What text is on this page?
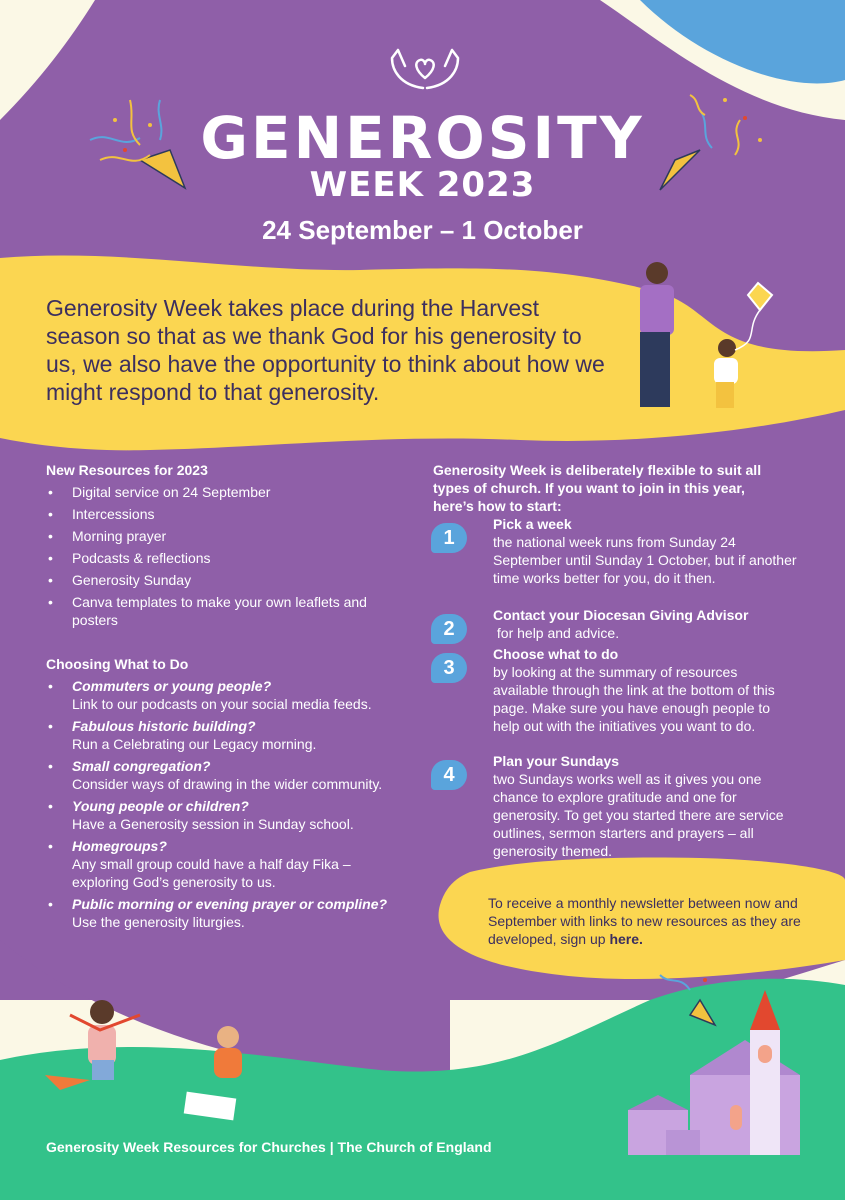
GENEROSITY
WEEK 2023
24 September – 1 October
Generosity Week takes place during the Harvest season so that as we thank God for his generosity to us, we also have the opportunity to think about how we might respond to that generosity.
New Resources for 2023
• Digital service on 24 September
• Intercessions
• Morning prayer
• Podcasts & reflections
• Generosity Sunday
• Canva templates to make your own leaflets and posters
Choosing What to Do
• Commuters or young people?
Link to our podcasts on your social media feeds.
• Fabulous historic building?
Run a Celebrating our Legacy morning.
• Small congregation?
Consider ways of drawing in the wider community.
• Young people or children?
Have a Generosity session in Sunday school.
• Homegroups?
Any small group could have a half day Fika – exploring God’s generosity to us.
• Public morning or evening prayer or compline?
Use the generosity liturgies.
Generosity Week is deliberately flexible to suit all types of church. If you want to join in this year, here’s how to start:
1
Pick a week
the national week runs from Sunday 24 September until Sunday 1 October, but if another time works better for you, do it then.
2
Contact your Diocesan Giving Advisor
for help and advice.
3
Choose what to do
by looking at the summary of resources available through the link at the bottom of this page. Make sure you have enough people to help out with the initiatives you want to do.
4
Plan your Sundays
two Sundays works well as it gives you one chance to explore gratitude and one for generosity. To get you started there are service outlines, sermon starters and prayers – all generosity themed.
To receive a monthly newsletter between now and September with links to new resources as they are developed, sign up here.
Generosity Week Resources for Churches | The Church of England
